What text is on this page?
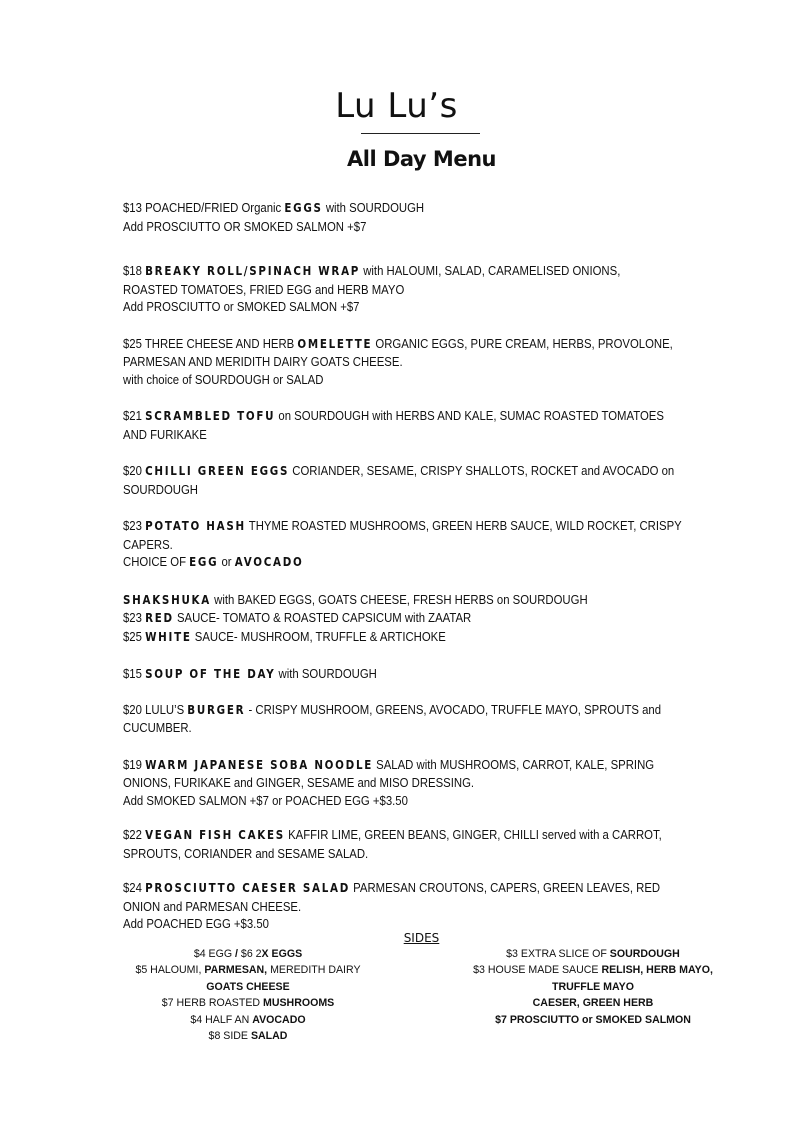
Lu Lu’s
All Day Menu
$13 POACHED/FRIED Organic EGGS with SOURDOUGH
Add PROSCIUTTO OR SMOKED SALMON +$7
$18 BREAKY ROLL/SPINACH WRAP with HALOUMI, SALAD, CARAMELISED ONIONS,
ROASTED TOMATOES, FRIED EGG and HERB MAYO
Add PROSCIUTTO or SMOKED SALMON +$7
$25 THREE CHEESE AND HERB OMELETTE ORGANIC EGGS, PURE CREAM, HERBS, PROVOLONE,
PARMESAN AND MERIDITH DAIRY GOATS CHEESE.
with choice of SOURDOUGH or SALAD
$21 SCRAMBLED TOFU on SOURDOUGH with HERBS AND KALE, SUMAC ROASTED TOMATOES
AND FURIKAKE
$20 CHILLI GREEN EGGS CORIANDER, SESAME, CRISPY SHALLOTS, ROCKET and AVOCADO on
SOURDOUGH
$23 POTATO HASH THYME ROASTED MUSHROOMS, GREEN HERB SAUCE, WILD ROCKET, CRISPY
CAPERS.
CHOICE OF EGG or AVOCADO
SHAKSHUKA with BAKED EGGS, GOATS CHEESE, FRESH HERBS on SOURDOUGH
$23 RED SAUCE- TOMATO & ROASTED CAPSICUM with ZAATAR
$25 WHITE SAUCE- MUSHROOM, TRUFFLE & ARTICHOKE
$15 SOUP OF THE DAY with SOURDOUGH
$20 LULU’S BURGER - CRISPY MUSHROOM, GREENS, AVOCADO, TRUFFLE MAYO, SPROUTS and
CUCUMBER.
$19 WARM JAPANESE SOBA NOODLE SALAD with MUSHROOMS, CARROT, KALE, SPRING
ONIONS, FURIKAKE and GINGER, SESAME and MISO DRESSING.
Add SMOKED SALMON +$7 or POACHED EGG +$3.50
$22 VEGAN FISH CAKES KAFFIR LIME, GREEN BEANS, GINGER, CHILLI served with a CARROT,
SPROUTS, CORIANDER and SESAME SALAD.
$24 PROSCIUTTO CAESER SALAD PARMESAN CROUTONS, CAPERS, GREEN LEAVES, RED
ONION and PARMESAN CHEESE.
Add POACHED EGG +$3.50
SIDES
$4 EGG / $6 2X EGGS
$5 HALOUMI, PARMESAN, MEREDITH DAIRY
GOATS CHEESE
$7 HERB ROASTED MUSHROOMS
$4 HALF AN AVOCADO
$8 SIDE SALAD
$3 EXTRA SLICE OF SOURDOUGH
$3 HOUSE MADE SAUCE RELISH, HERB MAYO,
TRUFFLE MAYO
CAESER, GREEN HERB
$7 PROSCIUTTO or SMOKED SALMON
